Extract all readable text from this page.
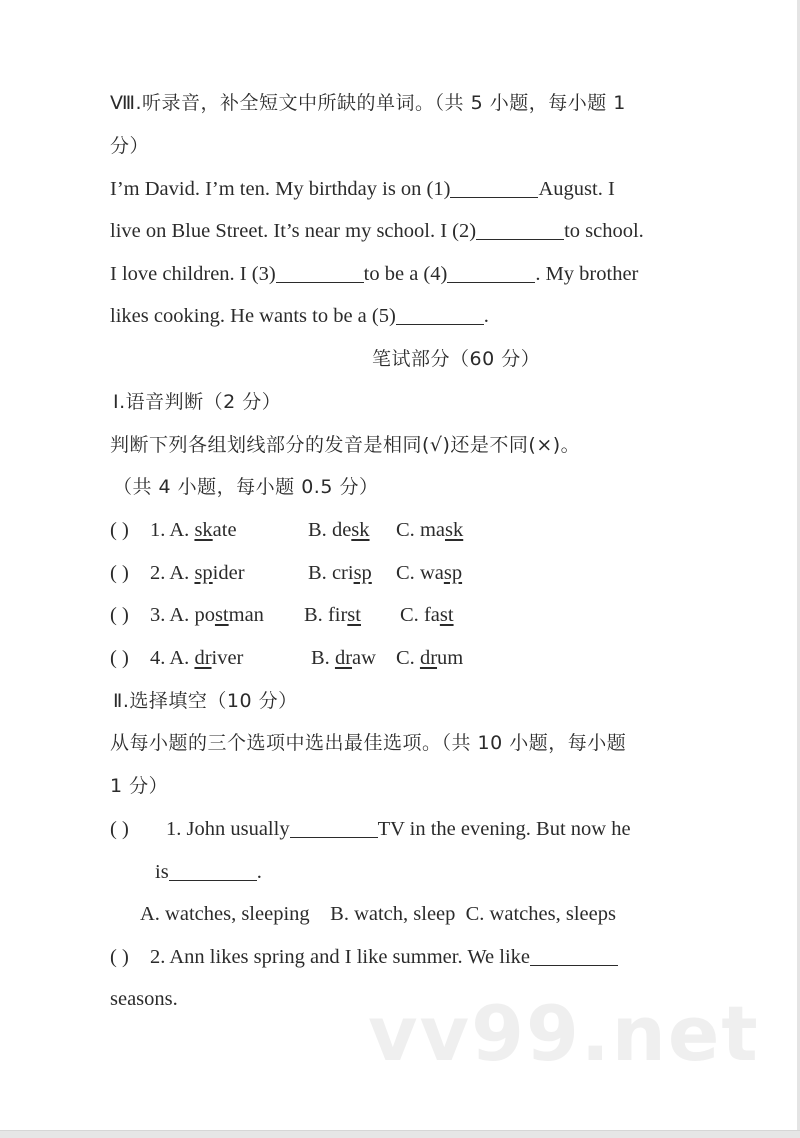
Ⅷ.听录音，补全短文中所缺的单词。（共 5 小题，每小题 1
分）
I’m David. I’m ten. My birthday is on (1)	August. I
live on Blue Street. It’s near my school. I (2)	to school.
I love children. I (3)	to be a (4)	. My brother
likes cooking. He wants to be a (5)	.
笔试部分（60 分）
Ⅰ.语音判断（2 分）
判断下列各组划线部分的发音是相同(√)还是不同(×)。
（共 4 小题，每小题 0.5 分）
( ) 1. A. skate	B. desk C. mask
( ) 2. A. spider	B. crisp C. wasp
( ) 3. A. postman B. first C. fast
( ) 4. A. driver	B. draw C. drum
Ⅱ.选择填空（10 分）
从每小题的三个选项中选出最佳选项。（共 10 小题，每小题
1 分）
( ) 1. John usually	TV in the evening. But now he
is	.
A. watches, sleeping    B. watch, sleep  C. watches, sleeps
( ) 2. Ann likes spring and I like summer. We like
seasons.	vv99.net
